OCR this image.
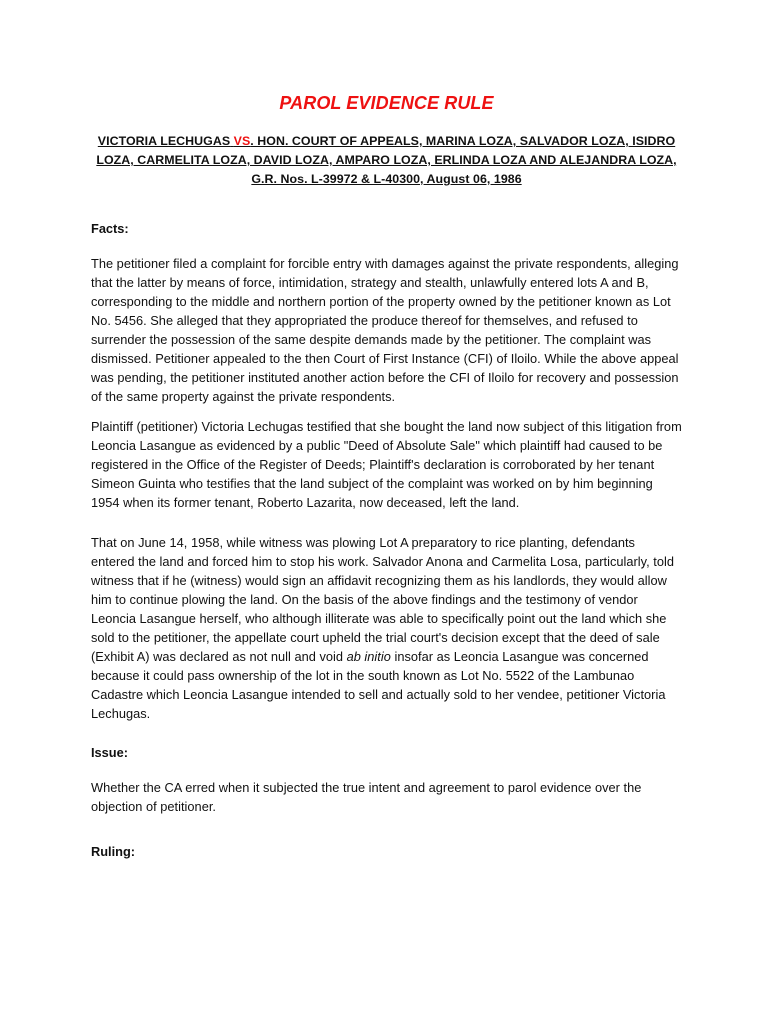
PAROL EVIDENCE RULE
VICTORIA LECHUGAS VS. HON. COURT OF APPEALS, MARINA LOZA, SALVADOR LOZA, ISIDRO LOZA, CARMELITA LOZA, DAVID LOZA, AMPARO LOZA, ERLINDA LOZA AND ALEJANDRA LOZA,
G.R. Nos. L-39972 & L-40300, August 06, 1986
Facts:

The petitioner filed a complaint for forcible entry with damages against the private respondents, alleging that the latter by means of force, intimidation, strategy and stealth, unlawfully entered lots A and B, corresponding to the middle and northern portion of the property owned by the petitioner known as Lot No. 5456. She alleged that they appropriated the produce thereof for themselves, and refused to surrender the possession of the same despite demands made by the petitioner. The complaint was dismissed. Petitioner appealed to the then Court of First Instance (CFI) of Iloilo. While the above appeal was pending, the petitioner instituted another action before the CFI of Iloilo for recovery and possession of the same property against the private respondents.

Plaintiff (petitioner) Victoria Lechugas testified that she bought the land now subject of this litigation from Leoncia Lasangue as evidenced by a public "Deed of Absolute Sale" which plaintiff had caused to be registered in the Office of the Register of Deeds; Plaintiff's declaration is corroborated by her tenant Simeon Guinta who testifies that the land subject of the complaint was worked on by him beginning 1954 when its former tenant, Roberto Lazarita, now deceased, left the land.

That on June 14, 1958, while witness was plowing Lot A preparatory to rice planting, defendants entered the land and forced him to stop his work. Salvador Anona and Carmelita Losa, particularly, told witness that if he (witness) would sign an affidavit recognizing them as his landlords, they would allow him to continue plowing the land. On the basis of the above findings and the testimony of vendor Leoncia Lasangue herself, who although illiterate was able to specifically point out the land which she sold to the petitioner, the appellate court upheld the trial court's decision except that the deed of sale (Exhibit A) was declared as not null and void ab initio insofar as Leoncia Lasangue was concerned because it could pass ownership of the lot in the south known as Lot No. 5522 of the Lambunao Cadastre which Leoncia Lasangue intended to sell and actually sold to her vendee, petitioner Victoria Lechugas.

Issue:

Whether the CA erred when it subjected the true intent and agreement to parol evidence over the objection of petitioner.

Ruling:
